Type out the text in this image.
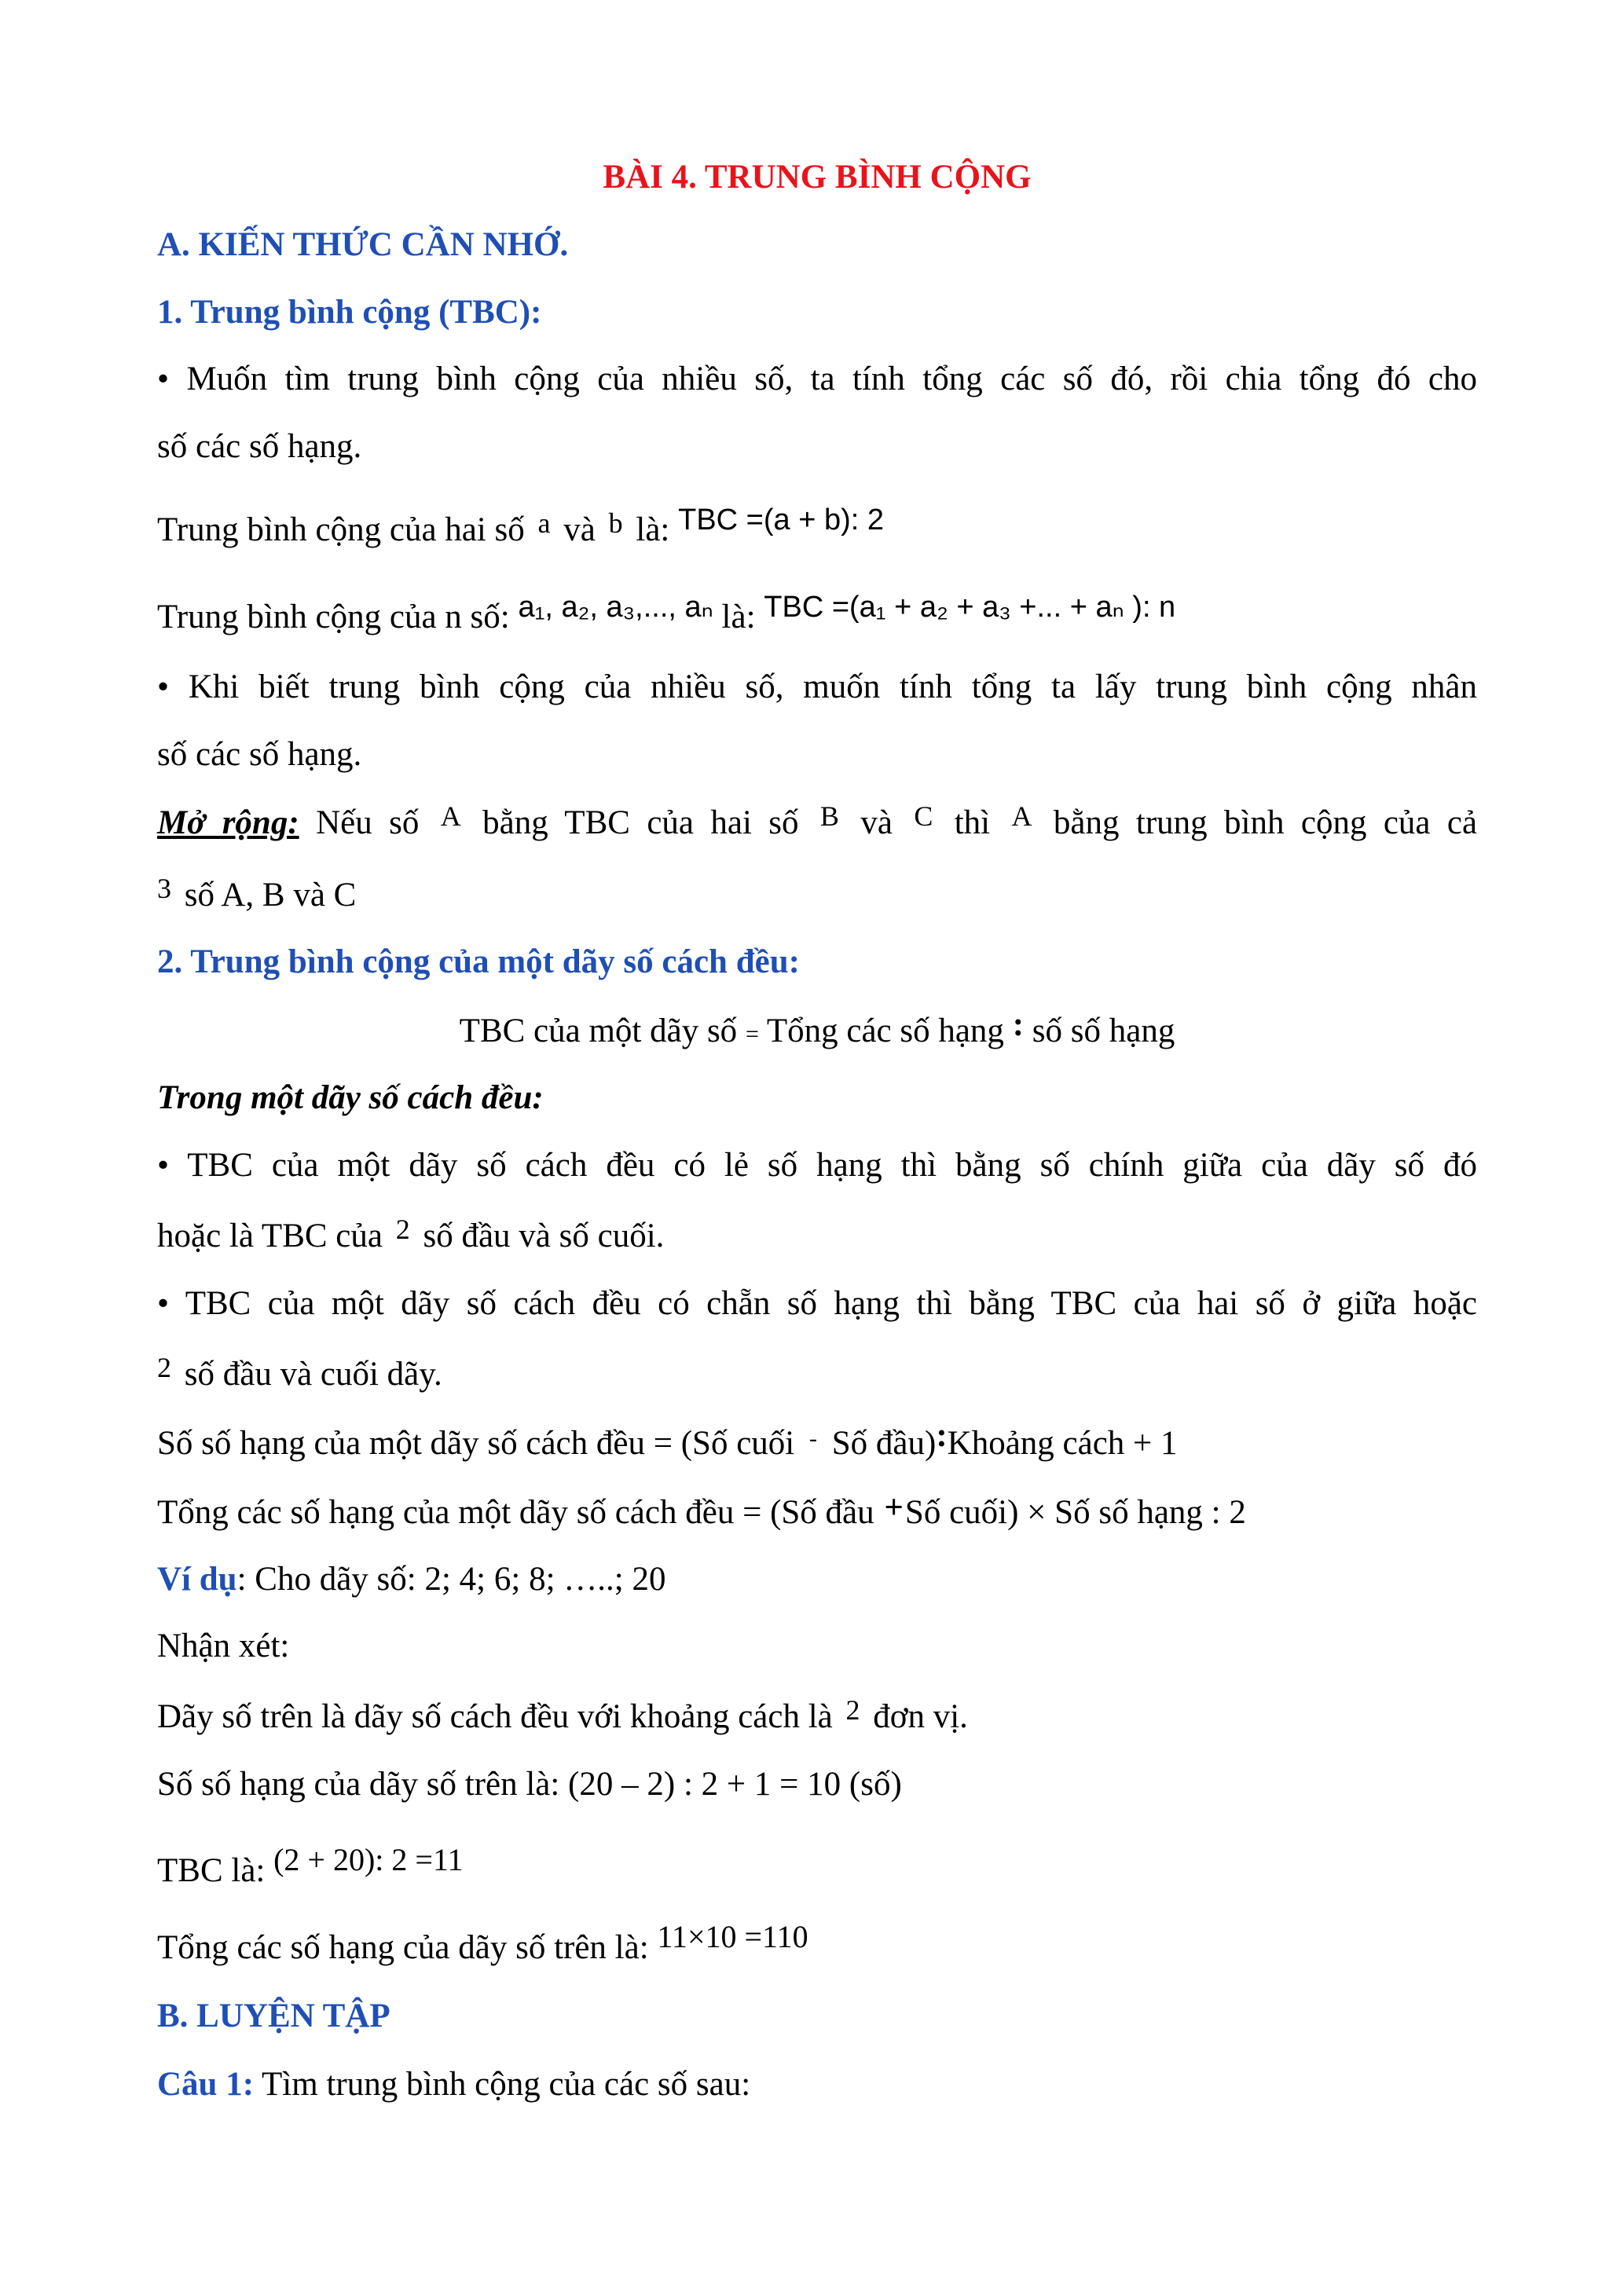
BÀI 4. TRUNG BÌNH CỘNG
A. KIẾN THỨC CẦN NHỚ.
1. Trung bình cộng (TBC):
• Muốn tìm trung bình cộng của nhiều số, ta tính tổng các số đó, rồi chia tổng đó cho
số các số hạng.
Trung bình cộng của hai số $^a$ và $^b$ là: TBC =(a + b): 2
Trung bình cộng của n số: a₁, a₂, a₃,..., aₙ là: TBC =(a₁ + a₂ + a₃ +... + aₙ ): n
• Khi biết trung bình cộng của nhiều số, muốn tính tổng ta lấy trung bình cộng nhân
số các số hạng.
Mở rộng: Nếu số $^A$ bằng TBC của hai số $^B$ và $^C$ thì $^A$ bằng trung bình cộng của cả
$^3$ số A, B và C
2. Trung bình cộng của một dãy số cách đều:
TBC của một dãy số = Tổng các số hạng : số số hạng
Trong một dãy số cách đều:
• TBC của một dãy số cách đều có lẻ số hạng thì bằng số chính giữa của dãy số đó
hoặc là TBC của $^2$ số đầu và số cuối.
• TBC của một dãy số cách đều có chẵn số hạng thì bằng TBC của hai số ở giữa hoặc
$^2$ số đầu và cuối dãy.
Số số hạng của một dãy số cách đều = (Số cuối - Số đầu):Khoảng cách + 1
Tổng các số hạng của một dãy số cách đều = (Số đầu +Số cuối) × Số số hạng : 2
Ví dụ: Cho dãy số: 2; 4; 6; 8; …..; 20
Nhận xét:
Dãy số trên là dãy số cách đều với khoảng cách là $^2$ đơn vị.
Số số hạng của dãy số trên là: (20 – 2) : 2 + 1 = 10 (số)
TBC là: (2 + 20): 2 =11
Tổng các số hạng của dãy số trên là: 11×10 =110
B. LUYỆN TẬP
Câu 1: Tìm trung bình cộng của các số sau:
